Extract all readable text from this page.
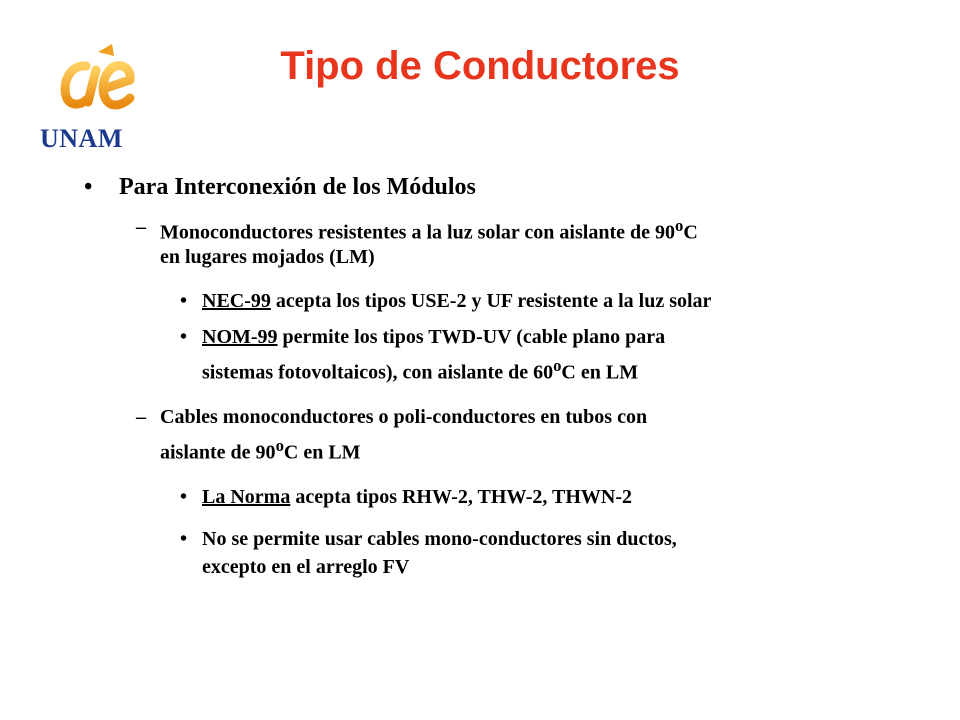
UNAM
Tipo de Conductores
• Para Interconexión de los Módulos
– Monoconductores resistentes a la luz solar con aislante de 90$^o$C
en lugares mojados (LM)
• NEC-99 acepta los tipos USE-2 y UF resistente a la luz solar
• NOM-99 permite los tipos TWD-UV (cable plano para
sistemas fotovoltaicos), con aislante de 60$^o$C en LM
– Cables monoconductores o poli-conductores en tubos con
aislante de 90$^o$C en LM
• La Norma acepta tipos RHW-2, THW-2, THWN-2
• No se permite usar cables mono-conductores sin ductos,
excepto en el arreglo FV
